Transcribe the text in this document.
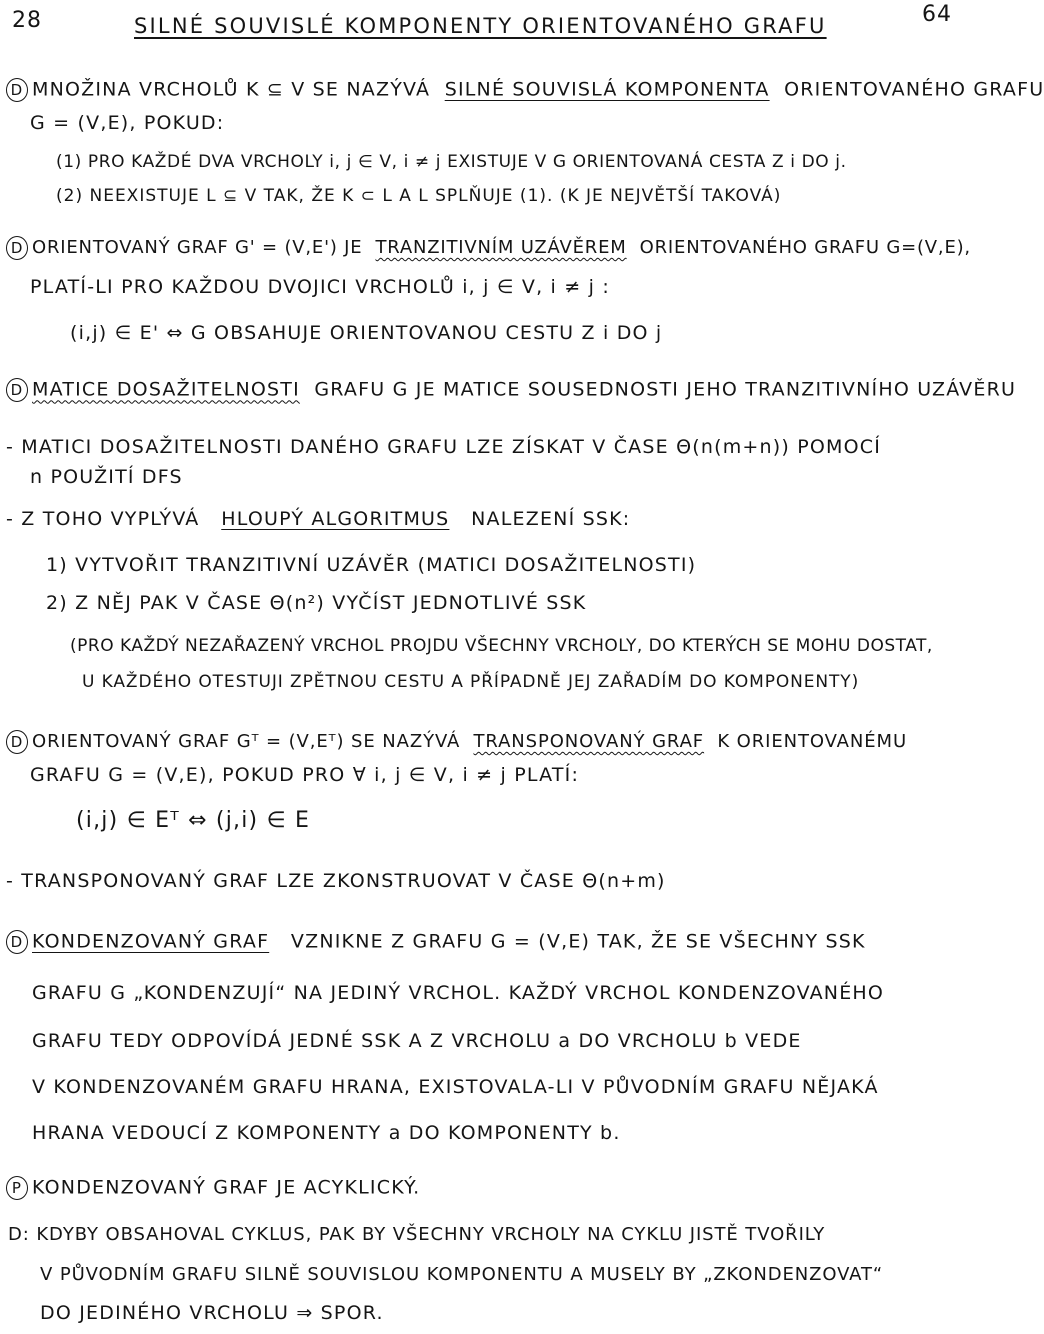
28	SILNÉ SOUVISLÉ KOMPONENTY ORIENTOVANÉHO GRAFU	64
D MNOŽINA VRCHOLŮ K ⊆ V SE NAZÝVÁ SILNÉ SOUVISLÁ KOMPONENTA ORIENTOVANÉHO GRAFU
G = (V,E), POKUD:
(1) PRO KAŽDÉ DVA VRCHOLY i, j ∈ V, i ≠ j EXISTUJE V G ORIENTOVANÁ CESTA Z i DO j.
(2) NEEXISTUJE L ⊆ V TAK, ŽE K ⊂ L A L SPLŇUJE (1). (K JE NEJVĚTŠÍ TAKOVÁ)
D ORIENTOVANÝ GRAF G' = (V,E') JE TRANZITIVNÍM UZÁVĚREM ORIENTOVANÉHO GRAFU G=(V,E),
PLATÍ-LI PRO KAŽDOU DVOJICI VRCHOLŮ i, j ∈ V, i ≠ j :
(i,j) ∈ E' ⇔ G OBSAHUJE ORIENTOVANOU CESTU Z i DO j
D MATICE DOSAŽITELNOSTI GRAFU G JE MATICE SOUSEDNOSTI JEHO TRANZITIVNÍHO UZÁVĚRU
- MATICI DOSAŽITELNOSTI DANÉHO GRAFU LZE ZÍSKAT V ČASE Θ(n(m+n)) POMOCÍ
n POUŽITÍ DFS
- Z TOHO VYPLÝVÁ HLOUPÝ ALGORITMUS NALEZENÍ SSK:
1) VYTVOŘIT TRANZITIVNÍ UZÁVĚR (MATICI DOSAŽITELNOSTI)
2) Z NĚJ PAK V ČASE Θ(n²) VYČÍST JEDNOTLIVÉ SSK
(PRO KAŽDÝ NEZAŘAZENÝ VRCHOL PROJDU VŠECHNY VRCHOLY, DO KTERÝCH SE MOHU DOSTAT,
U KAŽDÉHO OTESTUJI ZPĚTNOU CESTU A PŘÍPADNĚ JEJ ZAŘADÍM DO KOMPONENTY)
D ORIENTOVANÝ GRAF Gᵀ = (V,Eᵀ) SE NAZÝVÁ TRANSPONOVANÝ GRAF K ORIENTOVANÉMU
GRAFU G = (V,E), POKUD PRO ∀ i, j ∈ V, i ≠ j PLATÍ:
(i,j) ∈ Eᵀ ⇔ (j,i) ∈ E
- TRANSPONOVANÝ GRAF LZE ZKONSTRUOVAT V ČASE Θ(n+m)
D KONDENZOVANÝ GRAF VZNIKNE Z GRAFU G = (V,E) TAK, ŽE SE VŠECHNY SSK
GRAFU G „KONDENZUJÍ“ NA JEDINÝ VRCHOL. KAŽDÝ VRCHOL KONDENZOVANÉHO
GRAFU TEDY ODPOVÍDÁ JEDNÉ SSK A Z VRCHOLU a DO VRCHOLU b VEDE
V KONDENZOVANÉM GRAFU HRANA, EXISTOVALA-LI V PŮVODNÍM GRAFU NĚJAKÁ
HRANA VEDOUCÍ Z KOMPONENTY a DO KOMPONENTY b.
P KONDENZOVANÝ GRAF JE ACYKLICKÝ.
D: KDYBY OBSAHOVAL CYKLUS, PAK BY VŠECHNY VRCHOLY NA CYKLU JISTĚ TVOŘILY
V PŮVODNÍM GRAFU SILNĚ SOUVISLOU KOMPONENTU A MUSELY BY „ZKONDENZOVAT“
DO JEDINÉHO VRCHOLU ⇒ SPOR.
